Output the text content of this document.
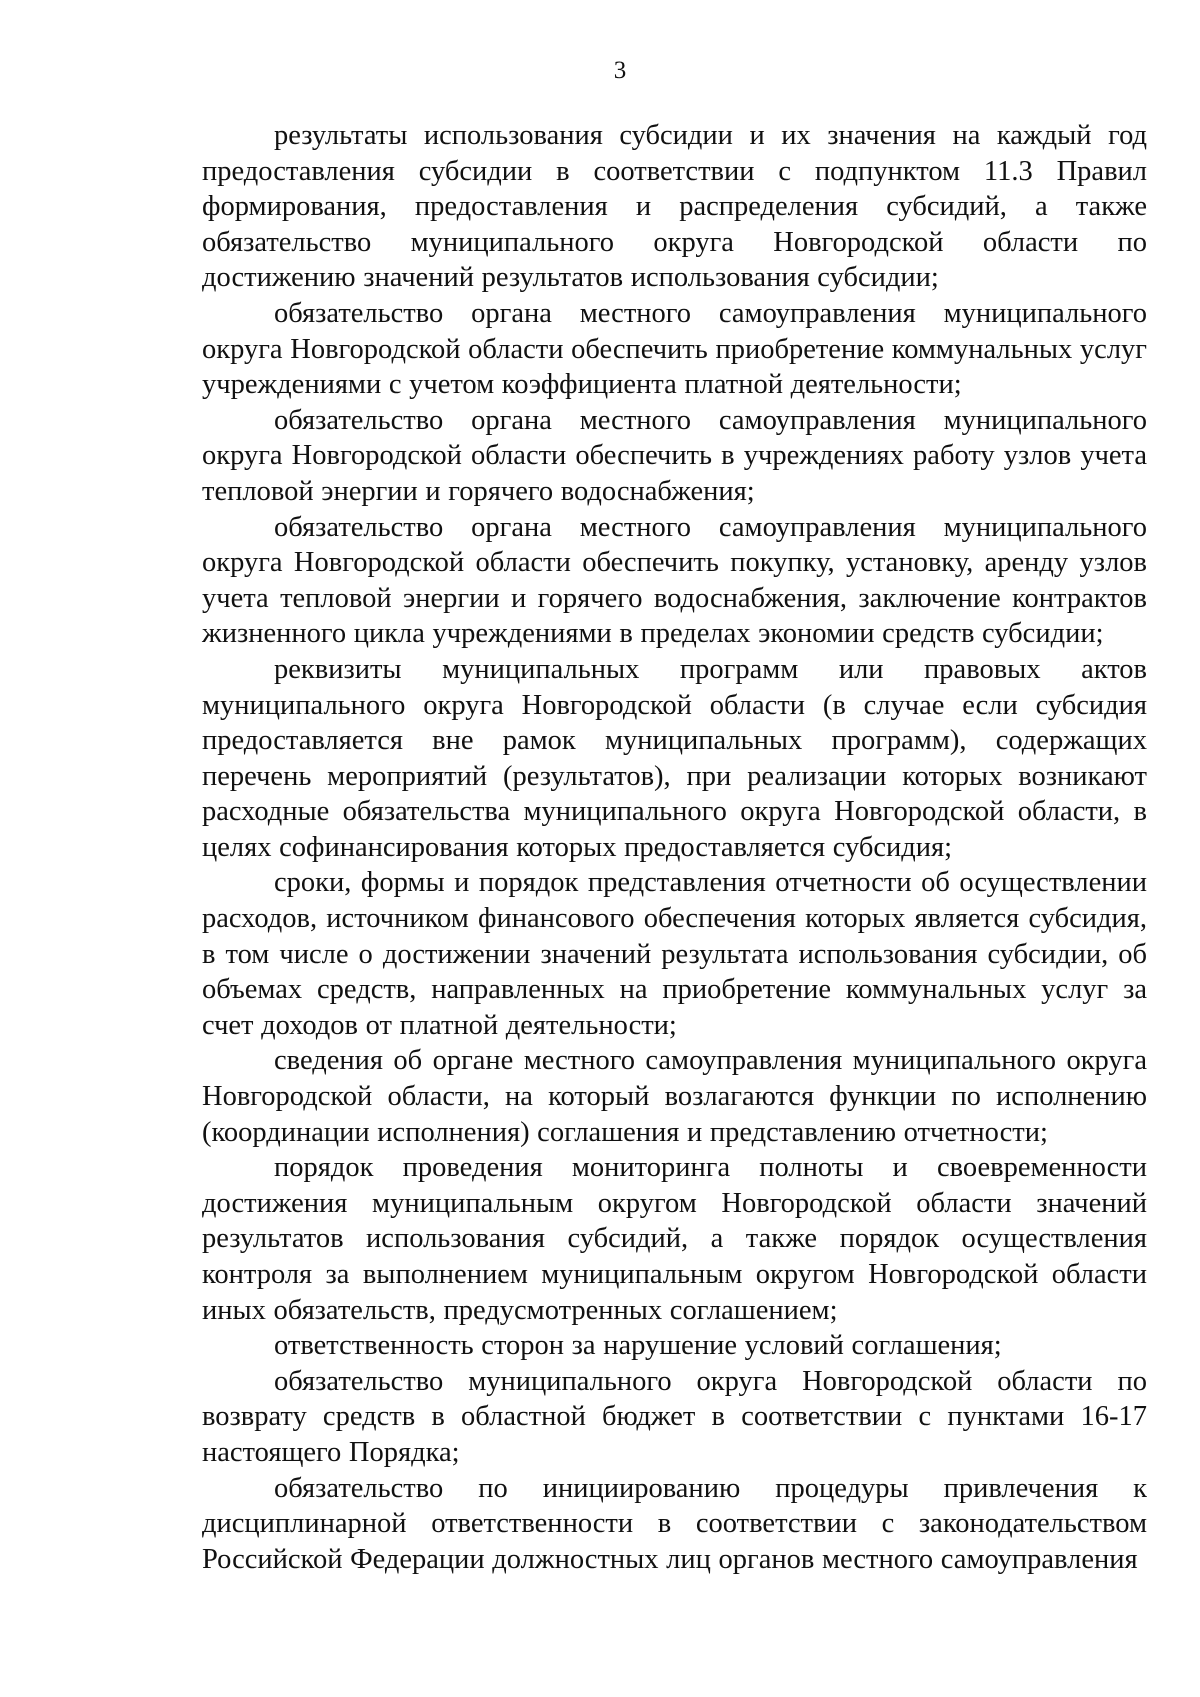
3

результаты использования субсидии и их значения на каждый год предоставления субсидии в соответствии с подпунктом 11.3 Правил формирования, предоставления и распределения субсидий, а также обязательство муниципального округа Новгородской области по достижению значений результатов использования субсидии;

обязательство органа местного самоуправления муниципального округа Новгородской области обеспечить приобретение коммунальных услуг учреждениями с учетом коэффициента платной деятельности;

обязательство органа местного самоуправления муниципального округа Новгородской области обеспечить в учреждениях работу узлов учета тепловой энергии и горячего водоснабжения;

обязательство органа местного самоуправления муниципального округа Новгородской области обеспечить покупку, установку, аренду узлов учета тепловой энергии и горячего водоснабжения, заключение контрактов жизненного цикла учреждениями в пределах экономии средств субсидии;

реквизиты муниципальных программ или правовых актов муниципального округа Новгородской области (в случае если субсидия предоставляется вне рамок муниципальных программ), содержащих перечень мероприятий (результатов), при реализации которых возникают расходные обязательства муниципального округа Новгородской области, в целях софинансирования которых предоставляется субсидия;

сроки, формы и порядок представления отчетности об осуществлении расходов, источником финансового обеспечения которых является субсидия, в том числе о достижении значений результата использования субсидии, об объемах средств, направленных на приобретение коммунальных услуг за счет доходов от платной деятельности;

сведения об органе местного самоуправления муниципального округа Новгородской области, на который возлагаются функции по исполнению (координации исполнения) соглашения и представлению отчетности;

порядок проведения мониторинга полноты и своевременности достижения муниципальным округом Новгородской области значений результатов использования субсидий, а также порядок осуществления контроля за выполнением муниципальным округом Новгородской области иных обязательств, предусмотренных соглашением;

ответственность сторон за нарушение условий соглашения;

обязательство муниципального округа Новгородской области по возврату средств в областной бюджет в соответствии с пунктами 16-17 настоящего Порядка;

обязательство по инициированию процедуры привлечения к дисциплинарной ответственности в соответствии с законодательством Российской Федерации должностных лиц органов местного самоуправления
